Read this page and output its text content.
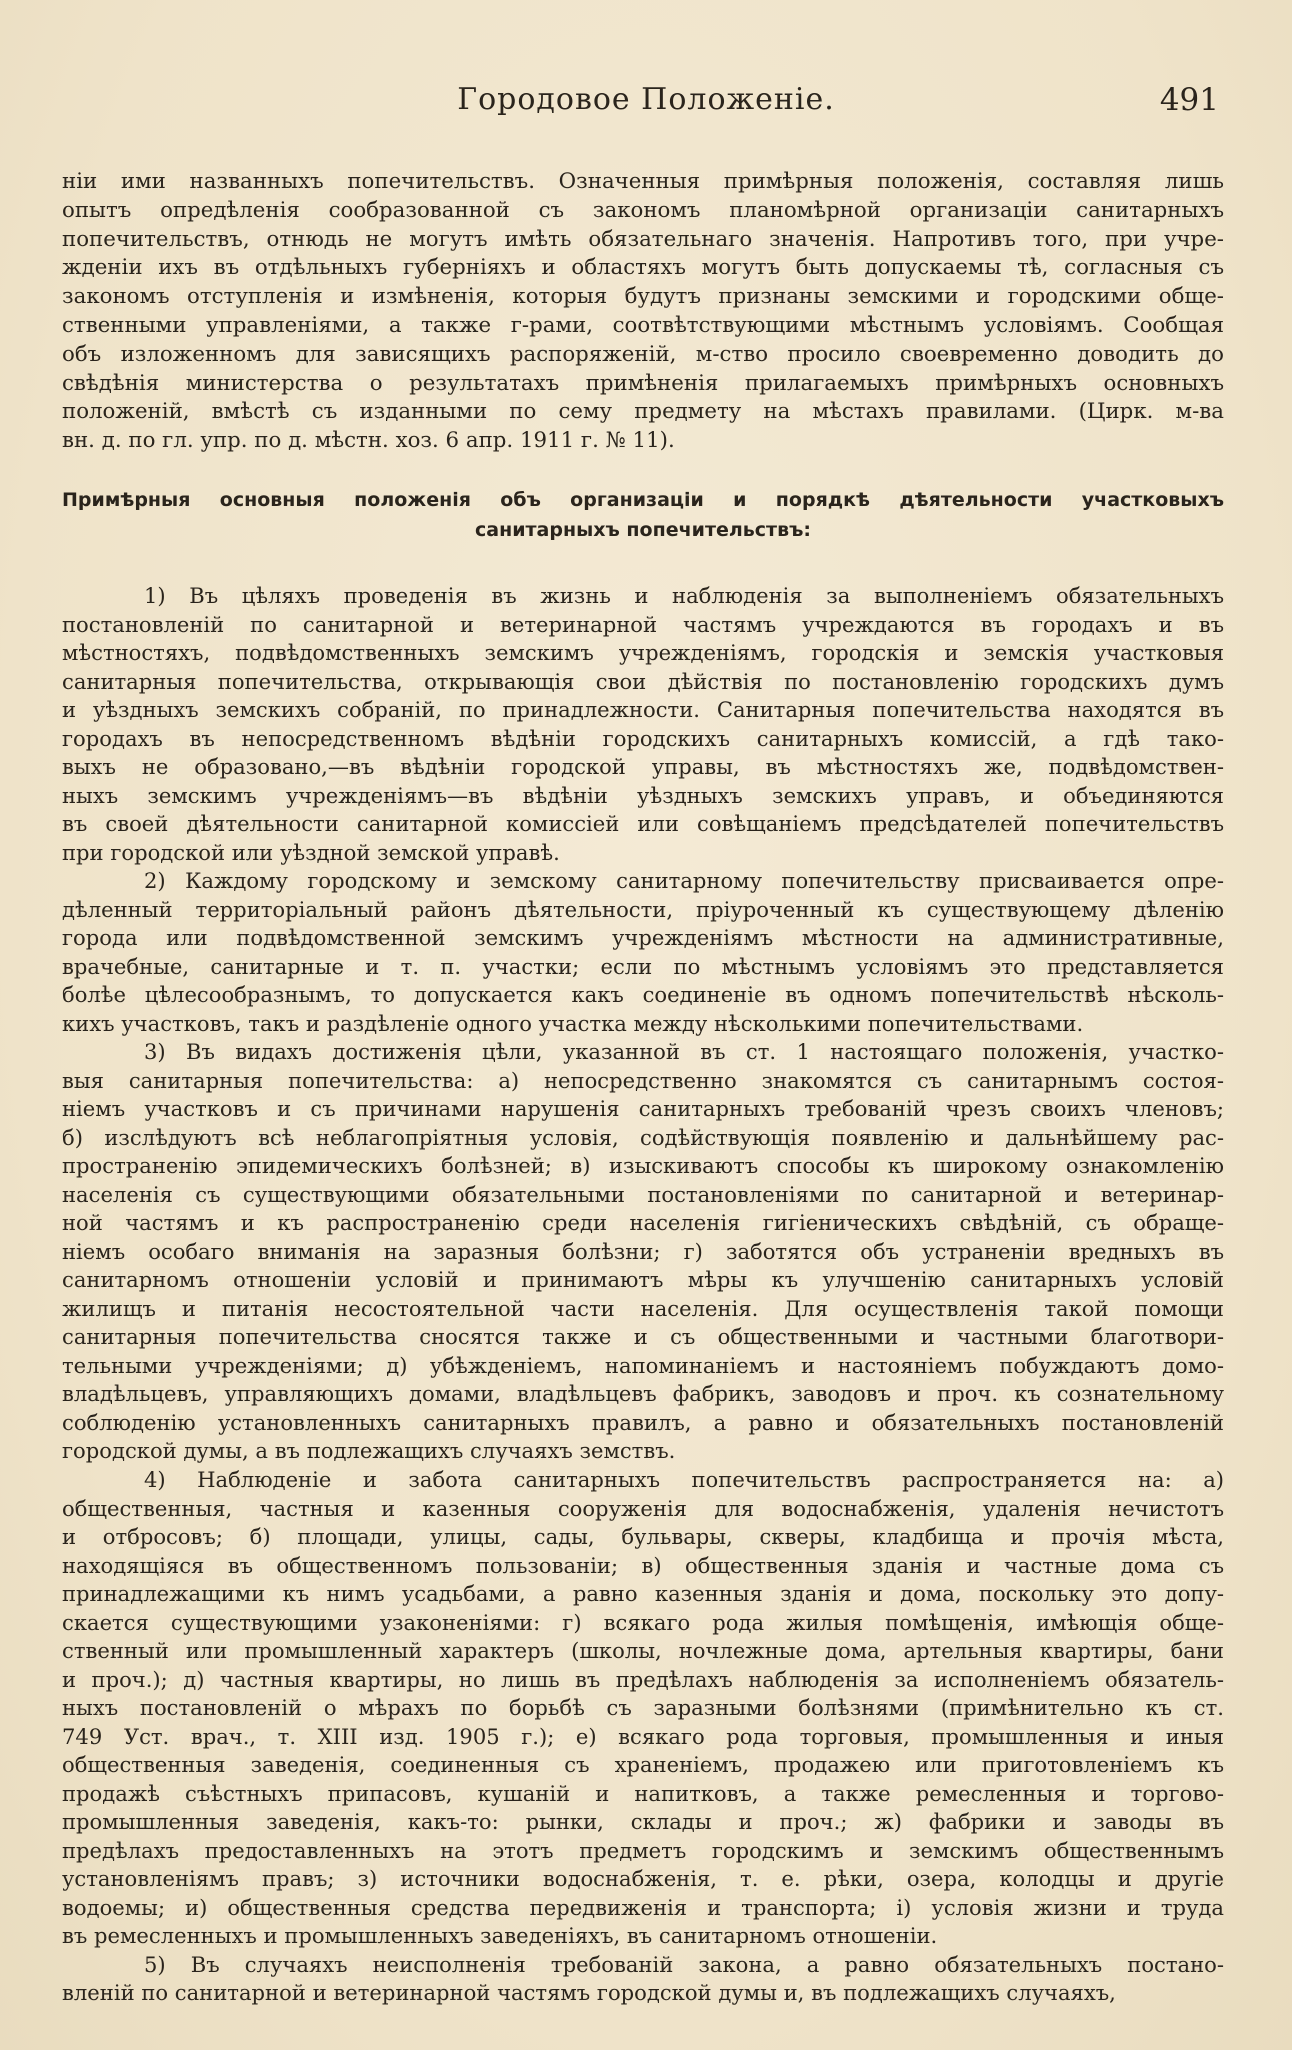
Городовое Положеніе.	491
ніи ими названныхъ попечительствъ. Означенныя примѣрныя положенія, составляя лишь
опытъ опредѣленія сообразованной съ закономъ планомѣрной организаціи санитарныхъ
попечительствъ, отнюдь не могутъ имѣть обязательнаго значенія. Напротивъ того, при учре-
жденіи ихъ въ отдѣльныхъ губерніяхъ и областяхъ могутъ быть допускаемы тѣ, согласныя съ
закономъ отступленія и измѣненія, которыя будутъ признаны земскими и городскими обще-
ственными управленіями, а также г-рами, соотвѣтствующими мѣстнымъ условіямъ. Сообщая
объ изложенномъ для зависящихъ распоряженій, м-ство просило своевременно доводить до
свѣдѣнія министерства о результатахъ примѣненія прилагаемыхъ примѣрныхъ основныхъ
положеній, вмѣстѣ съ изданными по сему предмету на мѣстахъ правилами. (Цирк. м-ва
вн. д. по гл. упр. по д. мѣстн. хоз. 6 апр. 1911 г. № 11).
Примѣрныя основныя положенія объ организаціи и порядкѣ дѣятельности участковыхъ
санитарныхъ попечительствъ:
1) Въ цѣляхъ проведенія въ жизнь и наблюденія за выполненіемъ обязательныхъ
постановленій по санитарной и ветеринарной частямъ учреждаются въ городахъ и въ
мѣстностяхъ, подвѣдомственныхъ земскимъ учрежденіямъ, городскія и земскія участковыя
санитарныя попечительства, открывающія свои дѣйствія по постановленію городскихъ думъ
и уѣздныхъ земскихъ собраній, по принадлежности. Санитарныя попечительства находятся въ
городахъ въ непосредственномъ вѣдѣніи городскихъ санитарныхъ комиссій, а гдѣ тако-
выхъ не образовано,—въ вѣдѣніи городской управы, въ мѣстностяхъ же, подвѣдомствен-
ныхъ земскимъ учрежденіямъ—въ вѣдѣніи уѣздныхъ земскихъ управъ, и объединяются
въ своей дѣятельности санитарной комиссіей или совѣщаніемъ предсѣдателей попечительствъ
при городской или уѣздной земской управѣ.
2) Каждому городскому и земскому санитарному попечительству присваивается опре-
дѣленный территоріальный районъ дѣятельности, пріуроченный къ существующему дѣленію
города или подвѣдомственной земскимъ учрежденіямъ мѣстности на административные,
врачебные, санитарные и т. п. участки; если по мѣстнымъ условіямъ это представляется
болѣе цѣлесообразнымъ, то допускается какъ соединеніе въ одномъ попечительствѣ нѣсколь-
кихъ участковъ, такъ и раздѣленіе одного участка между нѣсколькими попечительствами.
3) Въ видахъ достиженія цѣли, указанной въ ст. 1 настоящаго положенія, участко-
выя санитарныя попечительства: а) непосредственно знакомятся съ санитарнымъ состоя-
ніемъ участковъ и съ причинами нарушенія санитарныхъ требованій чрезъ своихъ членовъ;
б) изслѣдуютъ всѣ неблагопріятныя условія, содѣйствующія появленію и дальнѣйшему рас-
пространенію эпидемическихъ болѣзней; в) изыскиваютъ способы къ широкому ознакомленію
населенія съ существующими обязательными постановленіями по санитарной и ветеринар-
ной частямъ и къ распространенію среди населенія гигіеническихъ свѣдѣній, съ обраще-
ніемъ особаго вниманія на заразныя болѣзни; г) заботятся объ устраненіи вредныхъ въ
санитарномъ отношеніи условій и принимаютъ мѣры къ улучшенію санитарныхъ условій
жилищъ и питанія несостоятельной части населенія. Для осуществленія такой помощи
санитарныя попечительства сносятся также и съ общественными и частными благотвори-
тельными учрежденіями; д) убѣжденіемъ, напоминаніемъ и настояніемъ побуждаютъ домо-
владѣльцевъ, управляющихъ домами, владѣльцевъ фабрикъ, заводовъ и проч. къ сознательному
соблюденію установленныхъ санитарныхъ правилъ, а равно и обязательныхъ постановленій
городской думы, а въ подлежащихъ случаяхъ земствъ.
4) Наблюденіе и забота санитарныхъ попечительствъ распространяется на: а)
общественныя, частныя и казенныя сооруженія для водоснабженія, удаленія нечистотъ
и отбросовъ; б) площади, улицы, сады, бульвары, скверы, кладбища и прочія мѣста,
находящіяся въ общественномъ пользованіи; в) общественныя зданія и частные дома съ
принадлежащими къ нимъ усадьбами, а равно казенныя зданія и дома, поскольку это допу-
скается существующими узаконеніями: г) всякаго рода жилыя помѣщенія, имѣющія обще-
ственный или промышленный характеръ (школы, ночлежные дома, артельныя квартиры, бани
и проч.); д) частныя квартиры, но лишь въ предѣлахъ наблюденія за исполненіемъ обязатель-
ныхъ постановленій о мѣрахъ по борьбѣ съ заразными болѣзнями (примѣнительно къ ст.
749 Уст. врач., т. XIII изд. 1905 г.); е) всякаго рода торговыя, промышленныя и иныя
общественныя заведенія, соединенныя съ храненіемъ, продажею или приготовленіемъ къ
продажѣ съѣстныхъ припасовъ, кушаній и напитковъ, а также ремесленныя и торгово-
промышленныя заведенія, какъ-то: рынки, склады и проч.; ж) фабрики и заводы въ
предѣлахъ предоставленныхъ на этотъ предметъ городскимъ и земскимъ общественнымъ
установленіямъ правъ; з) источники водоснабженія, т. е. рѣки, озера, колодцы и другіе
водоемы; и) общественныя средства передвиженія и транспорта; і) условія жизни и труда
въ ремесленныхъ и промышленныхъ заведеніяхъ, въ санитарномъ отношеніи.
5) Въ случаяхъ неисполненія требованій закона, а равно обязательныхъ постано-
вленій по санитарной и ветеринарной частямъ городской думы и, въ подлежащихъ случаяхъ,
